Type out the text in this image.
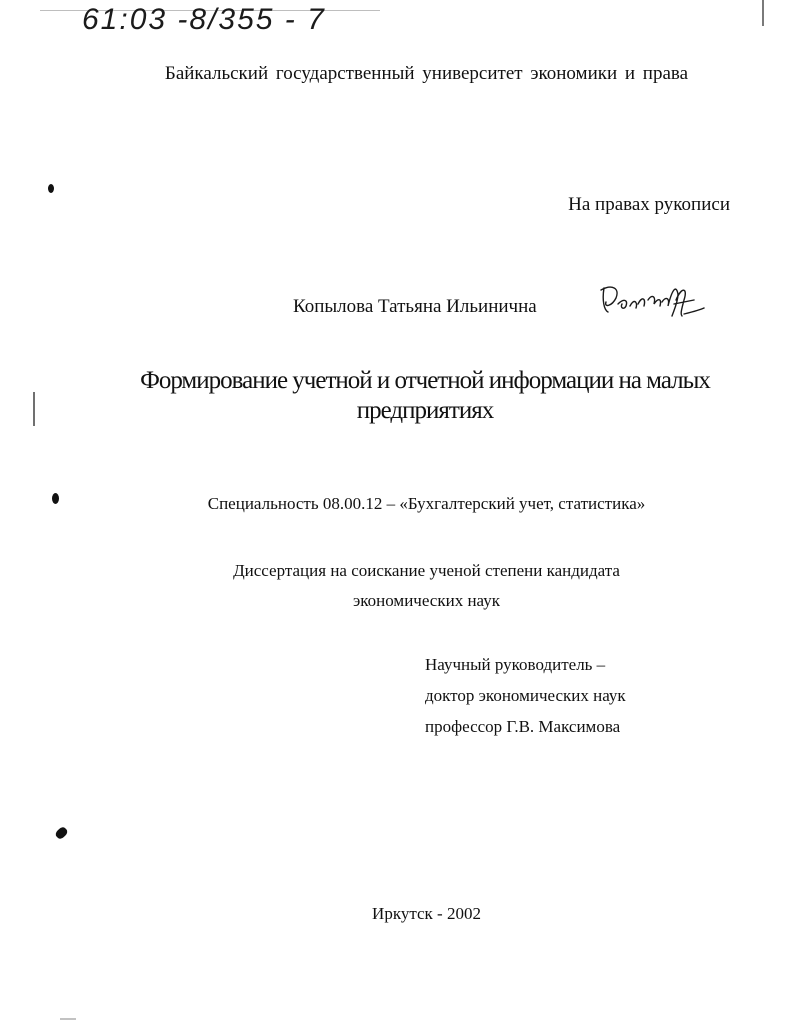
61:03 -8/355 - 7
Байкальский государственный университет экономики и права
На правах рукописи
Копылова Татьяна Ильинична
Формирование учетной и отчетной информации на малых
предприятиях
Специальность 08.00.12 – «Бухгалтерский учет, статистика»
Диссертация на соискание ученой степени кандидата
экономических наук
Научный руководитель –
доктор экономических наук
профессор Г.В. Максимова
Иркутск - 2002
